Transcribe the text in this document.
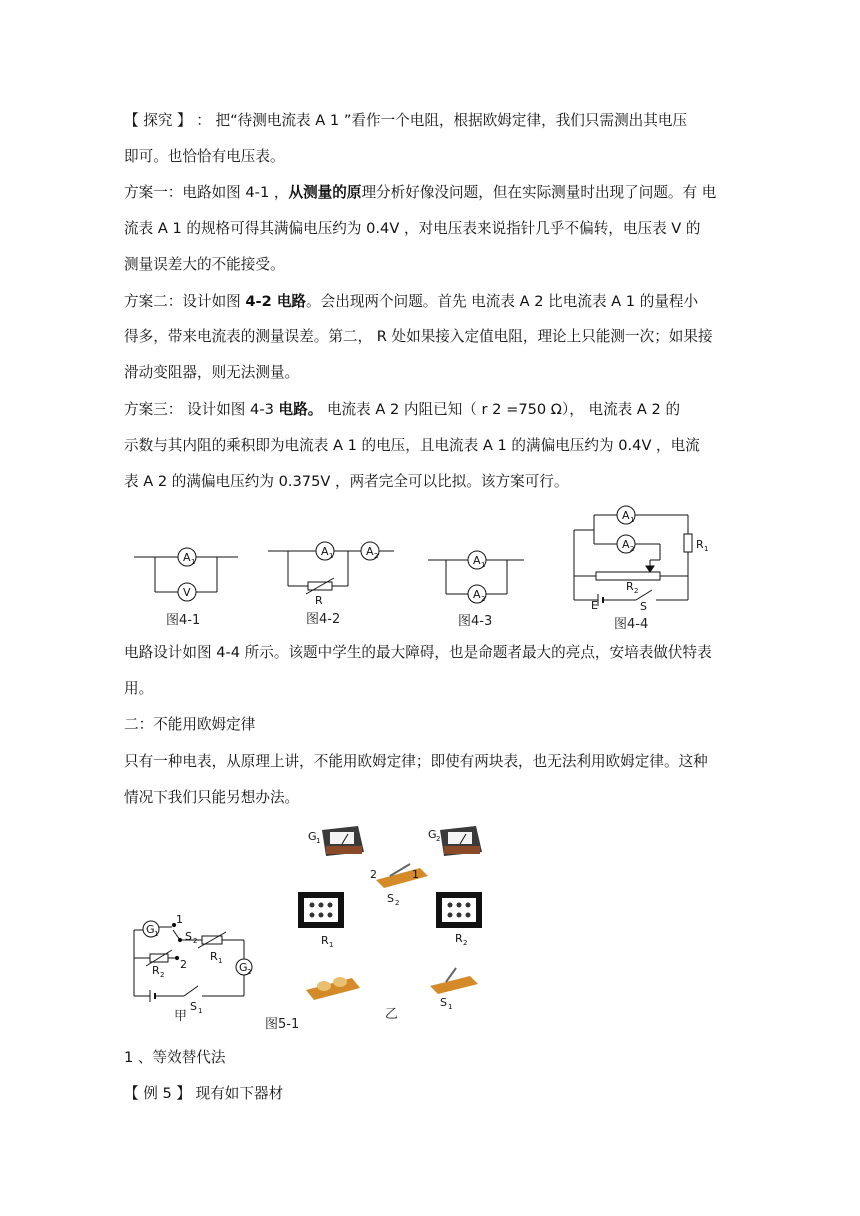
【 探究 】 ： 把“待测电流表 A 1 ”看作一个电阻，根据欧姆定律，我们只需测出其电压
即可。也恰恰有电压表。
方案一：电路如图 4-1 ，从测量的原理分析好像没问题，但在实际测量时出现了问题。有 电
流表 A 1 的规格可得其满偏电压约为 0.4V ，对电压表来说指针几乎不偏转，电压表 V 的
测量误差大的不能接受。
方案二：设计如图 4-2 电路。会出现两个问题。首先 电流表 A 2 比电流表 A 1 的量程小
得多，带来电流表的测量误差。第二， R 处如果接入定值电阻，理论上只能测一次；如果接
滑动变阻器，则无法测量。
方案三： 设计如图 4-3 电路。 电流表 A 2 内阻已知（ r 2 =750 Ω）， 电流表 A 2 的
示数与其内阻的乘积即为电流表 A 1 的电压，且电流表 A 1 的满偏电压约为 0.4V ，电流
表 A 2 的满偏电压约为 0.375V ，两者完全可以比拟。该方案可行。
A 1
V
A 1	A 2
R
A 1
A 2
A 1
A 2	R 1
R 2
E	S
图4-1	图4-2	图4-3	图4-4
电路设计如图 4-4 所示。该题中学生的最大障碍，也是命题者最大的亮点，安培表做伏特表
用。
二：不能用欧姆定律
只有一种电表，从原理上讲，不能用欧姆定律；即使有两块表，也无法利用欧姆定律。这种
情况下我们只能另想办法。
G 1
G 2
1
2
S 2
R 1
R 2
S 1
甲
G 1	G 2
2	1
S 2
R 1	R 2
S 1
乙
图5-1
1 、等效替代法
【 例 5 】 现有如下器材
